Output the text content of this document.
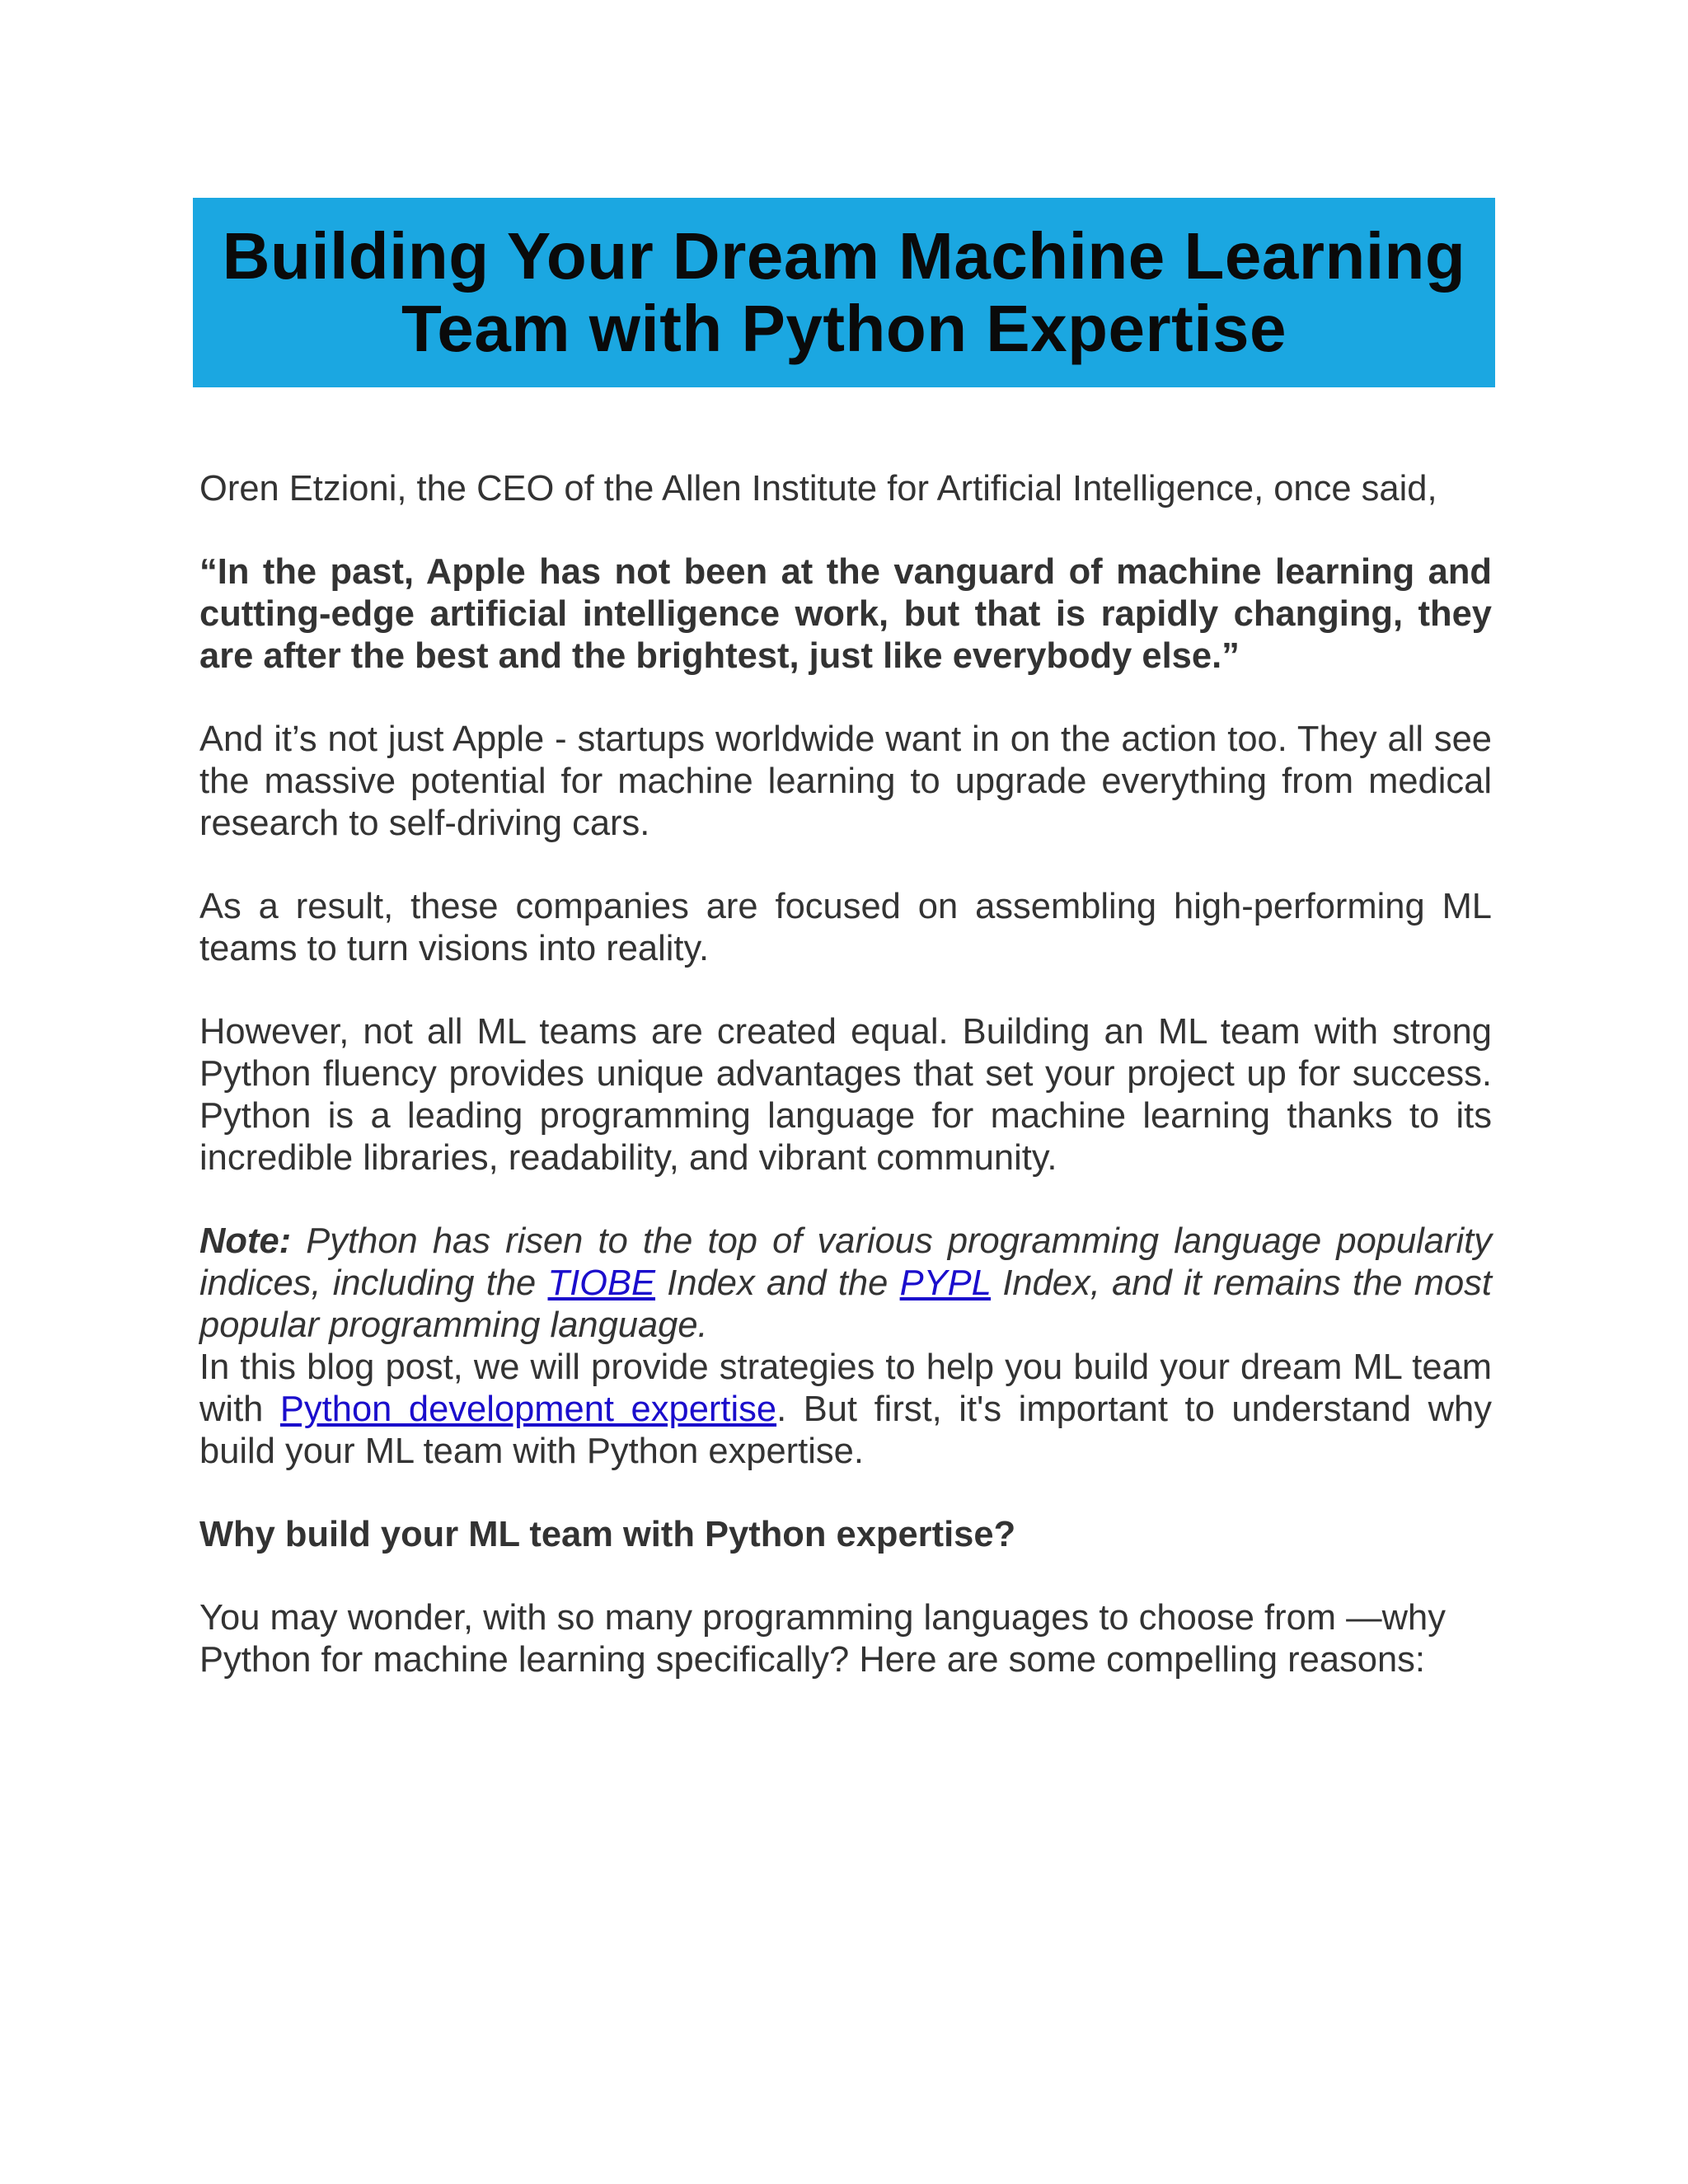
Building Your Dream Machine Learning Team with Python Expertise

Oren Etzioni, the CEO of the Allen Institute for Artificial Intelligence, once said,

“In the past, Apple has not been at the vanguard of machine learning and cutting-edge artificial intelligence work, but that is rapidly changing, they are after the best and the brightest, just like everybody else.”

And it’s not just Apple - startups worldwide want in on the action too. They all see the massive potential for machine learning to upgrade everything from medical research to self-driving cars.

As a result, these companies are focused on assembling high-performing ML teams to turn visions into reality.

However, not all ML teams are created equal. Building an ML team with strong Python fluency provides unique advantages that set your project up for success. Python is a leading programming language for machine learning thanks to its incredible libraries, readability, and vibrant community.

Note: Python has risen to the top of various programming language popularity indices, including the TIOBE Index and the PYPL Index, and it remains the most popular programming language.

In this blog post, we will provide strategies to help you build your dream ML team with Python development expertise. But first, it's important to understand why build your ML team with Python expertise.

Why build your ML team with Python expertise?

You may wonder, with so many programming languages to choose from —why Python for machine learning specifically? Here are some compelling reasons:
